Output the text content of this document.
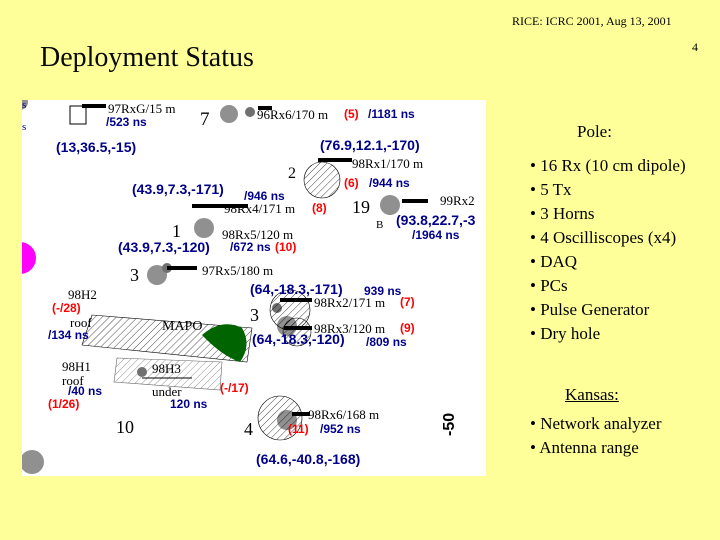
RICE: ICRC 2001, Aug 13, 2001
4
Deployment Status
s
s
97RxG/15 m
/523 ns	7	96Rx6/170 m (5) /1181 ns
(13,36.5,-15)	(76.9,12.1,-170)
2
98Rx1/170 m
(6) /944 ns
(43.9,7.3,-171) /946 ns
98Rx4/171 m (8) 19	99Rx2
(93.8,22.7,-3
B
/1964 ns
1	98Rx5/120 m
(43.9,7.3,-120) /672 ns (10)
3	97Rx5/180 m
(64,-18.3,-171) 939 ns
98Rx2/171 m (7)
98H2
(-/28)
roof
/134 ns
3
MAPO	98Rx3/120 m (9)
(64,-18.3,-120) /809 ns
98H1
roof
/40 ns
(1/26)
98H3
under	(-/17)
120 ns
10	4
98Rx6/168 m
(11) /952 ns
(64.6,-40.8,-168)
-50
Pole:
• 16 Rx (10 cm dipole)
• 5 Tx
• 3 Horns
• 4 Oscilliscopes (x4)
• DAQ
• PCs
• Pulse Generator
• Dry hole
Kansas:
• Network analyzer
• Antenna range
